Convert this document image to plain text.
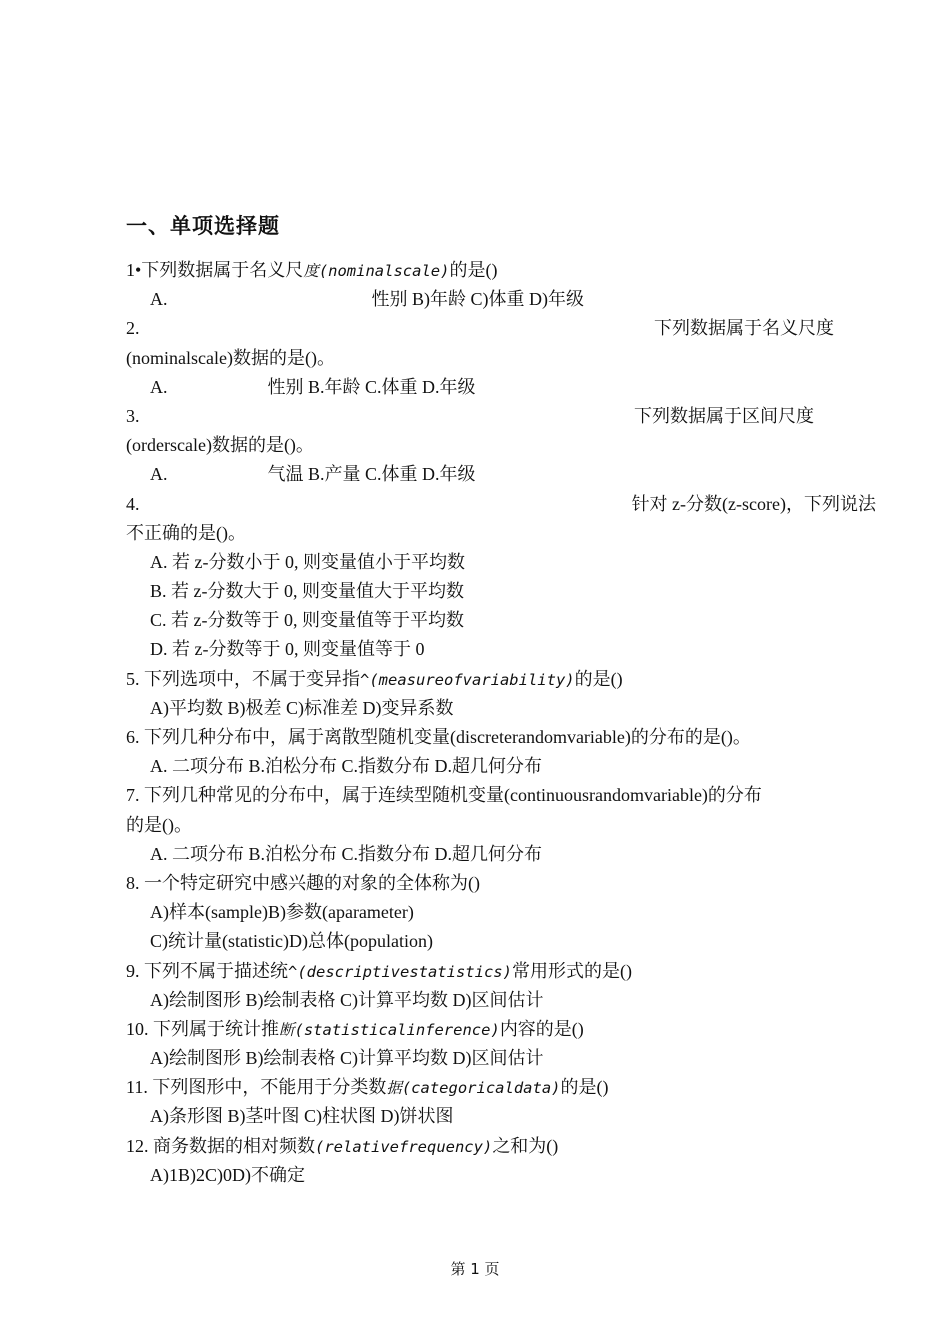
一、单项选择题
1•下列数据属于名义尺度(nominalscale)的是()
A.	性别 B)年龄 C)体重 D)年级
2.	下列数据属于名义尺度
(nominalscale)数据的是()。
A.	性别 B.年龄 C.体重 D.年级
3.	下列数据属于区间尺度
(orderscale)数据的是()。
A.	气温 B.产量 C.体重 D.年级
4.	针对 z-分数(z-score)，下列说法
不正确的是()。
A. 若 z-分数小于 0, 则变量值小于平均数
B. 若 z-分数大于 0, 则变量值大于平均数
C. 若 z-分数等于 0, 则变量值等于平均数
D. 若 z-分数等于 0, 则变量值等于 0
5. 下列选项中，不属于变异指^(measureofvariability)的是()
A)平均数 B)极差 C)标准差 D)变异系数
6. 下列几种分布中，属于离散型随机变量(discreterandomvariable)的分布的是()。
A. 二项分布 B.泊松分布 C.指数分布 D.超几何分布
7. 下列几种常见的分布中，属于连续型随机变量(continuousrandomvariable)的分布
的是()。
A. 二项分布 B.泊松分布 C.指数分布 D.超几何分布
8. 一个特定研究中感兴趣的对象的全体称为()
A)样本(sample)B)参数(aparameter)
C)统计量(statistic)D)总体(population)
9. 下列不属于描述统^(descriptivestatistics)常用形式的是()
A)绘制图形 B)绘制表格 C)计算平均数 D)区间估计
10. 下列属于统计推断(statisticalinference)内容的是()
A)绘制图形 B)绘制表格 C)计算平均数 D)区间估计
11. 下列图形中，不能用于分类数据(categoricaldata)的是()
A)条形图 B)茎叶图 C)柱状图 D)饼状图
12. 商务数据的相对频数(relativefrequency)之和为()
A)1B)2C)0D)不确定
第 1 页
